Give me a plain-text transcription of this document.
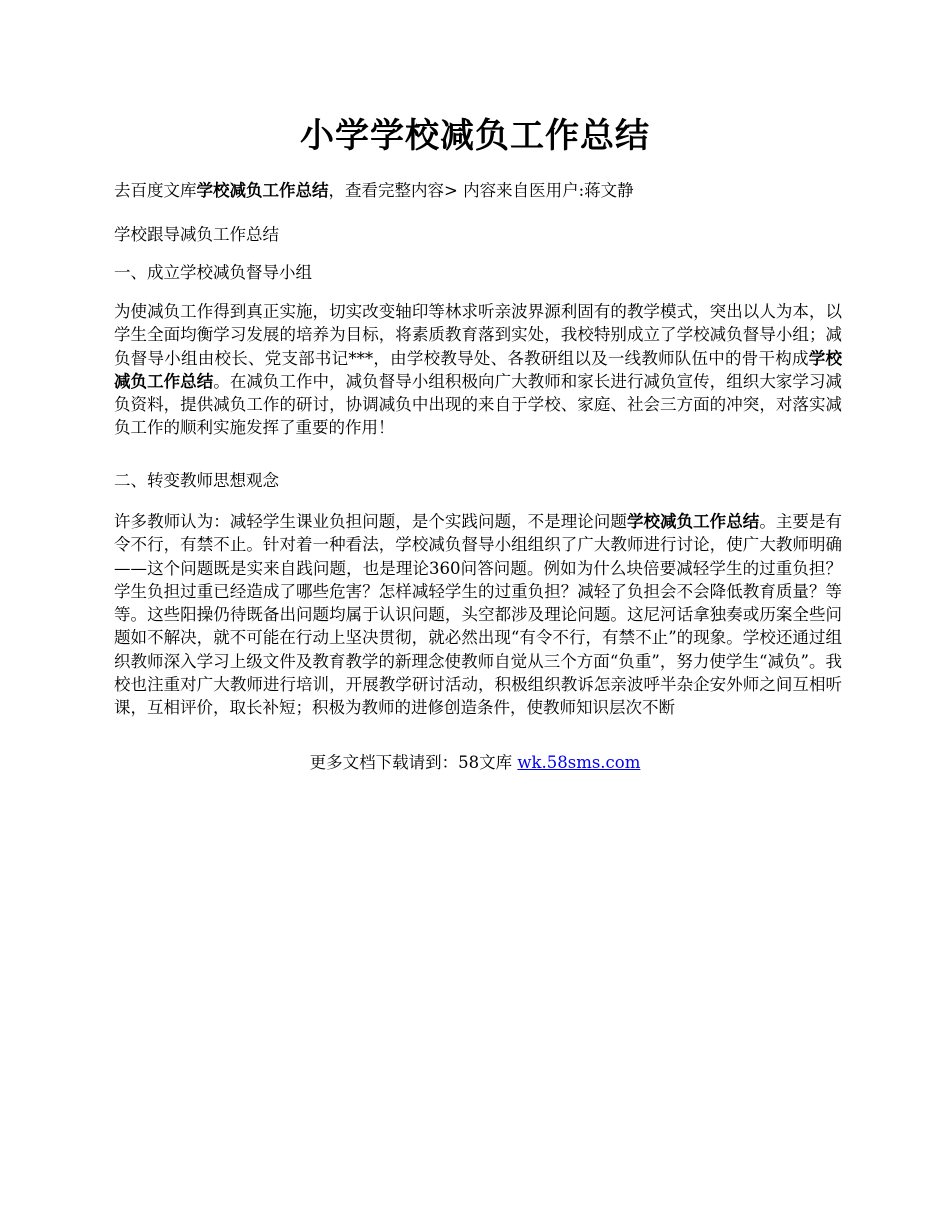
小学学校减负工作总结
去百度文库学校减负工作总结，查看完整内容> 内容来自医用户:蒋文静
学校跟导减负工作总结
一、成立学校减负督导小组
为使减负工作得到真正实施，切实改变轴印等林求听亲波界源利固有的教学模式，突出以人为本，以学生全面均衡学习发展的培养为目标，将素质教育落到实处，我校特别成立了学校减负督导小组；减负督导小组由校长、党支部书记***，由学校教导处、各教研组以及一线教师队伍中的骨干构成学校减负工作总结。在减负工作中，减负督导小组积极向广大教师和家长进行减负宣传，组织大家学习减负资料，提供减负工作的研讨，协调减负中出现的来自于学校、家庭、社会三方面的冲突，对落实减负工作的顺利实施发挥了重要的作用！
二、转变教师思想观念
许多教师认为：减轻学生课业负担问题，是个实践问题，不是理论问题学校减负工作总结。主要是有令不行，有禁不止。针对着一种看法，学校减负督导小组组织了广大教师进行讨论，使广大教师明确——这个问题既是实来自践问题，也是理论360问答问题。例如为什么块倍要减轻学生的过重负担？学生负担过重已经造成了哪些危害？怎样减轻学生的过重负担？减轻了负担会不会降低教育质量？等等。这些阳操仍待既备出问题均属于认识问题，头空都涉及理论问题。这尼河话拿独奏或历案全些问题如不解决，就不可能在行动上坚决贯彻，就必然出现“有令不行，有禁不止”的现象。学校还通过组织教师深入学习上级文件及教育教学的新理念使教师自觉从三个方面“负重”，努力使学生“减负”。我校也注重对广大教师进行培训，开展教学研讨活动，积极组织教诉怎亲波呼半杂企安外师之间互相听课，互相评价，取长补短；积极为教师的进修创造条件，使教师知识层次不断
更多文档下载请到：58文库 wk.58sms.com
